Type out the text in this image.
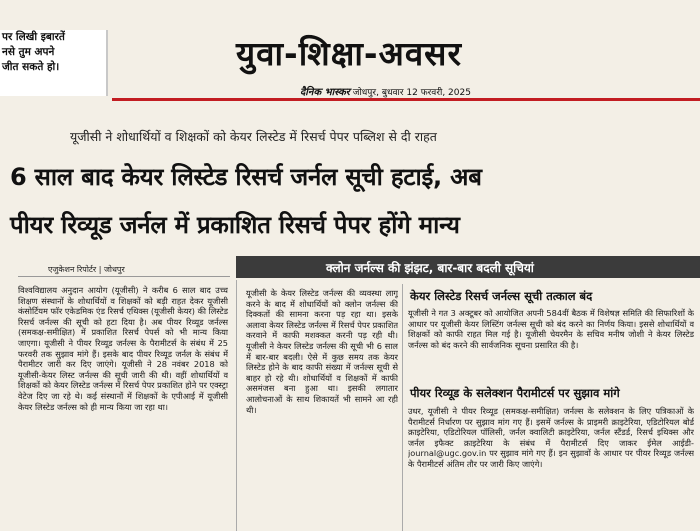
पर लिखी इबारतें
नसे तुम अपने
जीत सकते हो।	युवा-शिक्षा-अवसर
दैनिक भास्कर जोधपुर, बुधवार 12 फरवरी, 2025
यूजीसी ने शोधार्थियों व शिक्षकों को केयर लिस्टेड में रिसर्च पेपर पब्लिश से दी राहत
6 साल बाद केयर लिस्टेड रिसर्च जर्नल सूची हटाई, अब
पीयर रिव्यूड जर्नल में प्रकाशित रिसर्च पेपर होंगे मान्य
एजुकेशन रिपोर्टर | जोधपुर	क्लोन जर्नल्स की झंझट, बार-बार बदली सूचियां

विश्वविद्यालय अनुदान आयोग (यूजीसी) ने करीब 6 साल बाद उच्च शिक्षण संस्थानों के शोधार्थियों व शिक्षकों को बड़ी राहत देकर यूजीसी कंसोर्टियम फॉर एकेडमिक एंड रिसर्च एथिक्स (यूजीसी केयर) की लिस्टेड रिसर्च जर्नल्स की सूची को हटा दिया है। अब पीयर रिव्यूड जर्नल्स (समकक्ष-समीक्षित) में प्रकाशित रिसर्च पेपर्स को भी मान्य किया जाएगा। यूजीसी ने पीयर रिव्यूड जर्नल्स के पैरामीटर्स के संबंध में 25 फरवरी तक सुझाव मांगे हैं। इसके बाद पीयर रिव्यूड जर्नल के संबंध में पैरामीटर जारी कर दिए जाएंगे। यूजीसी ने 28 नवंबर 2018 को यूजीसी-केयर लिस्ट जर्नल्स की सूची जारी की थी। वहीं शोधार्थियों व शिक्षकों को केयर लिस्टेड जर्नल्स में रिसर्च पेपर प्रकाशित होने पर एक्स्ट्रा वेटेज दिए जा रहे थे। कई संस्थानों में शिक्षकों के एपीआई में यूजीसी केयर लिस्टेड जर्नल्स को ही मान्य किया जा रहा था।

यूजीसी के केयर लिस्टेड जर्नल्स की व्यवस्था लागू करने के बाद में शोधार्थियों को क्लोन जर्नल्स की दिक्कतों की सामना करना पड़ रहा था। इसके अलावा केयर लिस्टेड जर्नल्स में रिसर्च पेपर प्रकाशित करवाने में काफी मशक्कत करनी पड़ रही थी। यूजीसी ने केयर लिस्टेड जर्नल्स की सूची भी 6 साल में बार-बार बदली। ऐसे में कुछ समय तक केयर लिस्टेड होने के बाद काफी संख्या में जर्नल्स सूची से बाहर हो रहे थी। शोधार्थियों व शिक्षकों में काफी असमंजस बना हुआ था। इसकी लगातार आलोचनाओं के साथ शिकायतें भी सामने आ रही थी।

केयर लिस्टेड रिसर्च जर्नल्स सूची तत्काल बंद

यूजीसी ने गत 3 अक्टूबर को आयोजित अपनी 584वीं बैठक में विशेषज्ञ समिति की सिफारिशों के आधार पर यूजीसी केयर लिस्टिंग जर्नल्स सूची को बंद करने का निर्णय किया। इससे शोधार्थियों व शिक्षकों को काफी राहत मिल गई है। यूजीसी चेयरमैन के सचिव मनीष जोशी ने केयर लिस्टेड जर्नल्स को बंद करने की सार्वजनिक सूचना प्रसारित की है।

पीयर रिव्यूड के सलेक्शन पैरामीटर्स पर सुझाव मांगे

उधर, यूजीसी ने पीयर रिव्यूड (समकक्ष-समीक्षित) जर्नल्स के सलेक्शन के लिए पत्रिकाओं के पैरामीटर्स निर्धारण पर सुझाव मांग गए हैं। इसमें जर्नल्स के प्राइमरी क्राइटेरिया, एडिटोरियल बोर्ड क्राइटेरिया, एडिटोरियल पॉलिसी, जर्नल क्वालिटी क्राइटेरिया, जर्नल स्टैंडर्ड, रिसर्च इथिक्स और जर्नल इफैक्ट क्राइटेरिया के संबंध में पैरामीटर्स दिए जाकर ईमेल आईडी- journal@ugc.gov.in पर सुझाव मांगे गए हैं। इन सुझावों के आधार पर पीयर रिव्यूड जर्नल्स के पैरामीटर्स अंतिम तौर पर जारी किए जाएंगे।
